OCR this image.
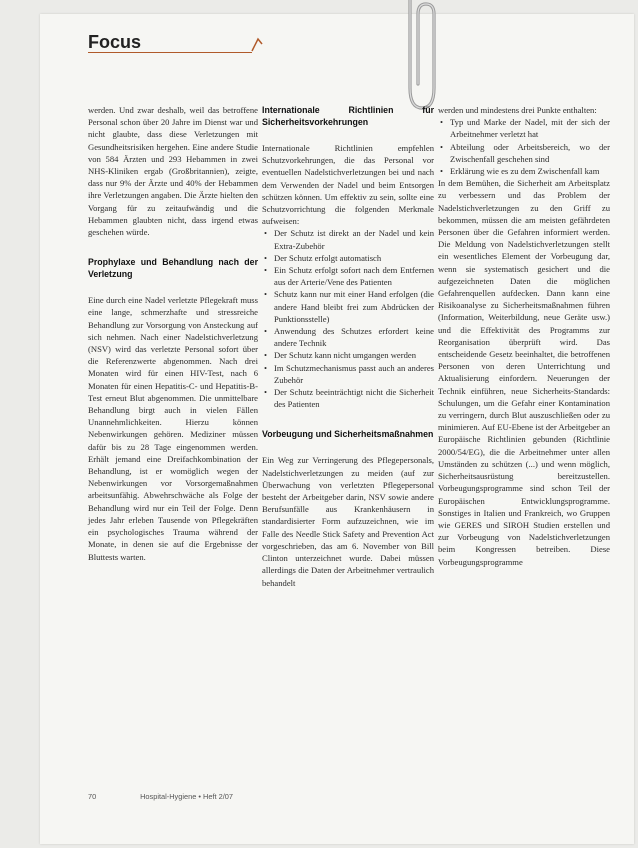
Focus

werden. Und zwar deshalb, weil das betroffene Personal schon über 20 Jahre im Dienst war und nicht glaubte, dass diese Verletzungen mit Gesundheitsrisiken hergehen. Eine andere Studie von 584 Ärzten und 293 Hebammen in zwei NHS-Kliniken ergab (Großbritannien), zeigte, dass nur 9% der Ärzte und 40% der Hebammen ihre Verletzungen angaben. Die Ärzte hielten den Vorgang für zu zeitaufwändig und die Hebammen glaubten nicht, dass irgend etwas geschehen würde.

Prophylaxe und Behandlung nach der Verletzung

Eine durch eine Nadel verletzte Pflegekraft muss eine lange, schmerzhafte und stressreiche Behandlung zur Vorsorgung von Ansteckung auf sich nehmen. Nach einer Nadelstichverletzung (NSV) wird das verletzte Personal sofort über die Referenzwerte abgenommen. Nach drei Monaten wird für einen HIV-Test, nach 6 Monaten für einen Hepatitis-C- und Hepatitis-B-Test erneut Blut abgenommen. Die unmittelbare Behandlung birgt auch in vielen Fällen Unannehmlichkeiten. Hierzu können Nebenwirkungen gehören. Mediziner müssen dafür bis zu 28 Tage eingenommen werden. Erhält jemand eine Dreifachkombination der Behandlung, ist er womöglich wegen der Nebenwirkungen vor Vorsorgemaßnahmen arbeitsunfähig. Abwehrschwäche als Folge der Behandlung wird nur ein Teil der Folge. Denn jedes Jahr erleben Tausende von Pflegekräften ein psychologisches Trauma während der Monate, in denen sie auf die Ergebnisse der Bluttests warten.

Internationale Richtlinien für Sicherheitsvorkehrungen

Internationale Richtlinien empfehlen Schutzvorkehrungen, die das Personal vor eventuellen Nadelstichverletzungen bei und nach dem Verwenden der Nadel und beim Entsorgen schützen können. Um effektiv zu sein, sollte eine Schutzvorrichtung die folgenden Merkmale aufweisen:

• Der Schutz ist direkt an der Nadel und kein Extra-Zubehör
• Der Schutz erfolgt automatisch
• Ein Schutz erfolgt sofort nach dem Entfernen aus der Arterie/Vene des Patienten
• Schutz kann nur mit einer Hand erfolgen (die andere Hand bleibt frei zum Abdrücken der Punktionsstelle)
• Anwendung des Schutzes erfordert keine andere Technik
• Der Schutz kann nicht umgangen werden
• Im Schutzmechanismus passt auch an anderes Zubehör
• Der Schutz beeinträchtigt nicht die Sicherheit des Patienten
Vorbeugung und Sicherheitsmaßnahmen

Ein Weg zur Verringerung des Pflegepersonals, Nadelstichverletzungen zu meiden (auf zur Überwachung von verletzten Pflegepersonal besteht der Arbeitgeber darin, NSV sowie andere Berufsunfälle aus Krankenhäusern in standardisierter Form aufzuzeichnen, wie im Falle des Needle Stick Safety and Prevention Act vorgeschrieben, das am 6. November von Bill Clinton unterzeichnet wurde. Dabei müssen allerdings die Daten der Arbeitnehmer vertraulich behandelt

werden und mindestens drei Punkte enthalten:

• Typ und Marke der Nadel, mit der sich der Arbeitnehmer verletzt hat
• Abteilung oder Arbeitsbereich, wo der Zwischenfall geschehen sind
• Erklärung wie es zu dem Zwischenfall kam

In dem Bemühen, die Sicherheit am Arbeitsplatz zu verbessern und das Problem der Nadelstichverletzungen zu den Griff zu bekommen, müssen die am meisten gefährdeten Personen über die Gefahren informiert werden. Die Meldung von Nadelstichverletzungen stellt ein wesentliches Element der Vorbeugung dar, wenn sie systematisch gesichert und die aufgezeichneten Daten die möglichen Gefahrenquellen aufdecken. Dann kann eine Risikoanalyse zu Sicherheitsmaßnahmen führen (Information, Weiterbildung, neue Geräte usw.) und die Effektivität des Programms zur Reorganisation überprüft wird. Das entscheidende Gesetz beeinhaltet, die betroffenen Personen von deren Unterrichtung und Aktualisierung einfordern. Neuerungen der Technik einführen, neue Sicherheits-Standards: Schulungen, um die Gefahr einer Kontamination zu verringern, durch Blut auszuschließen oder zu minimieren. Auf EU-Ebene ist der Arbeitgeber an Europäische Richtlinien gebunden (Richtlinie 2000/54/EG), die die Arbeitnehmer unter allen Umständen zu schützen (...) und wenn möglich, Sicherheitsausrüstung bereitzustellen. Vorbeugungsprogramme sind schon Teil der Europäischen Entwicklungsprogramme. Sonstiges in Italien und Frankreich, wo Gruppen wie GERES und SIROH Studien erstellen und zur Vorbeugung von Nadelstichverletzungen beim Kongressen betreiben. Diese Vorbeugungsprogramme

70	Hospital-Hygiene • Heft 2/07
